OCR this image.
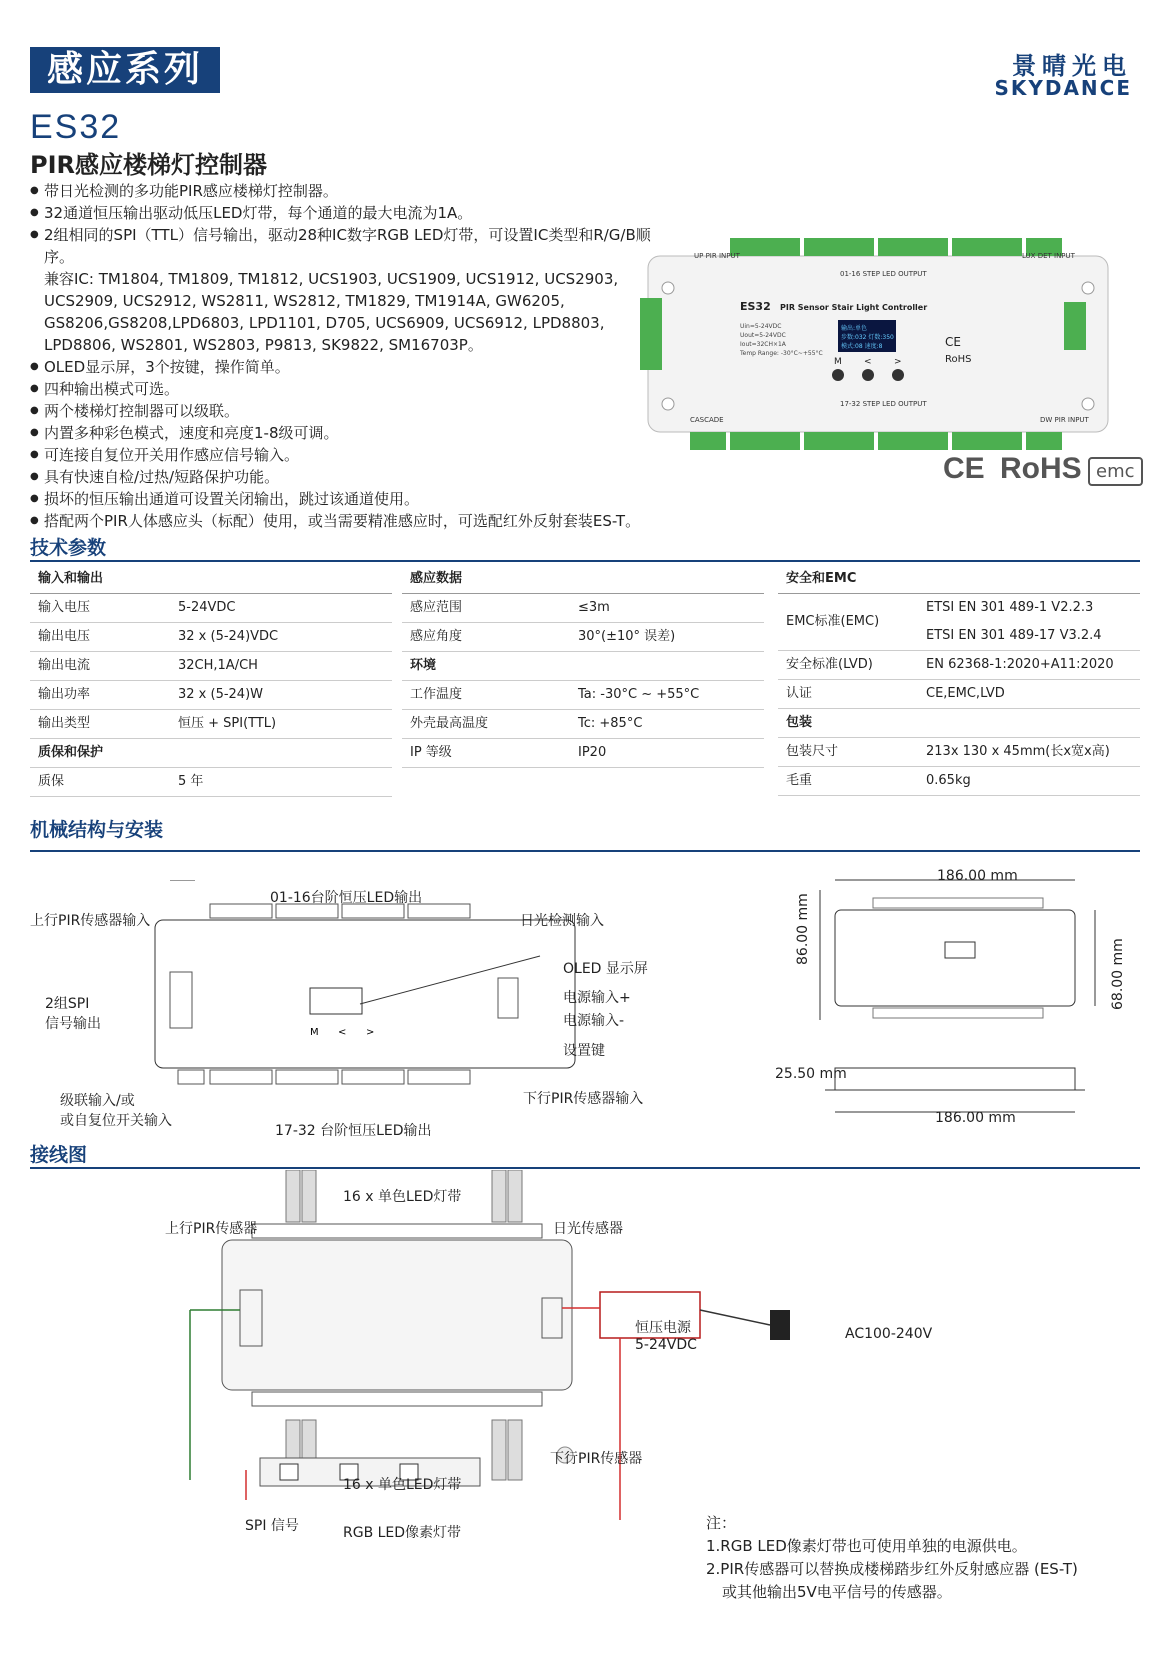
感应系列	景晴光电
SKYDANCE
ES32
PIR感应楼梯灯控制器
● 带日光检测的多功能PIR感应楼梯灯控制器。
● 32通道恒压输出驱动低压LED灯带，每个通道的最大电流为1A。
● 2组相同的SPI（TTL）信号输出，驱动28种IC数字RGB LED灯带，可设置IC类型和R/G/B顺序。
兼容IC: TM1804, TM1809, TM1812, UCS1903, UCS1909, UCS1912, UCS2903,
UCS2909, UCS2912, WS2811, WS2812, TM1829, TM1914A, GW6205,
GS8206,GS8208,LPD6803, LPD1101, D705, UCS6909, UCS6912, LPD8803,
LPD8806, WS2801, WS2803, P9813, SK9822, SM16703P。
● OLED显示屏，3个按键，操作简单。
● 四种输出模式可选。
● 两个楼梯灯控制器可以级联。
● 内置多种彩色模式，速度和亮度1-8级可调。
● 可连接自复位开关用作感应信号输入。
● 具有快速自检/过热/短路保护功能。
● 损坏的恒压输出通道可设置关闭输出，跳过该通道使用。
● 搭配两个PIR人体感应头（标配）使用，或当需要精准感应时，可选配红外反射套装ES-T。
UP PIR INPUT	LUX DET INPUT
01-16 STEP LED OUTPUT
17-32 STEP LED OUTPUT
CASCADE	DW PIR INPUT
ES32 PIR Sensor Stair Light Controller
Uin=5-24VDC
Uout=5-24VDC
Iout=32CH×1A
Temp Range: -30°C~+55°C
输出:单色
步数:032 灯数:350
模式:08 速度:8
M < >
CE
RoHS
CE RoHS emc
技术参数
输入和输出
输入电压	5-24VDC
输出电压	32 x (5-24)VDC
输出电流	32CH,1A/CH
输出功率	32 x (5-24)W
输出类型	恒压 + SPI(TTL)
质保和保护
质保	5 年
感应数据
感应范围	≤3m
感应角度	30°(±10° 误差)
环境
工作温度	Ta: -30°C ~ +55°C
外壳最高温度	Tc: +85°C
IP 等级	IP20
安全和EMC
EMC标准(EMC)
ETSI EN 301 489-1 V2.2.3
ETSI EN 301 489-17 V3.2.4
安全标准(LVD)	EN 62368-1:2020+A11:2020
认证	CE,EMC,LVD
包装
包装尺寸	213x 130 x 45mm(长x宽x高)
毛重	0.65kg
机械结构与安装
M < >
01-16台阶恒压LED输出
上行PIR传感器输入	日光检测输入
OLED 显示屏
2组SPI
信号输出
电源输入+
电源输入-
设置键
级联输入/或
或自复位开关输入
下行PIR传感器输入
17-32 台阶恒压LED输出
186.00 mm
86.00 mm
68.00 mm
25.50 mm
186.00 mm
接线图
16 x 单色LED灯带
上行PIR传感器	日光传感器
恒压电源
5-24VDC
AC100-240V
下行PIR传感器
16 x 单色LED灯带
SPI 信号	RGB LED像素灯带
注：
1.RGB LED像素灯带也可使用单独的电源供电。
2.PIR传感器可以替换成楼梯踏步红外反射感应器 (ES-T)
或其他输出5V电平信号的传感器。
